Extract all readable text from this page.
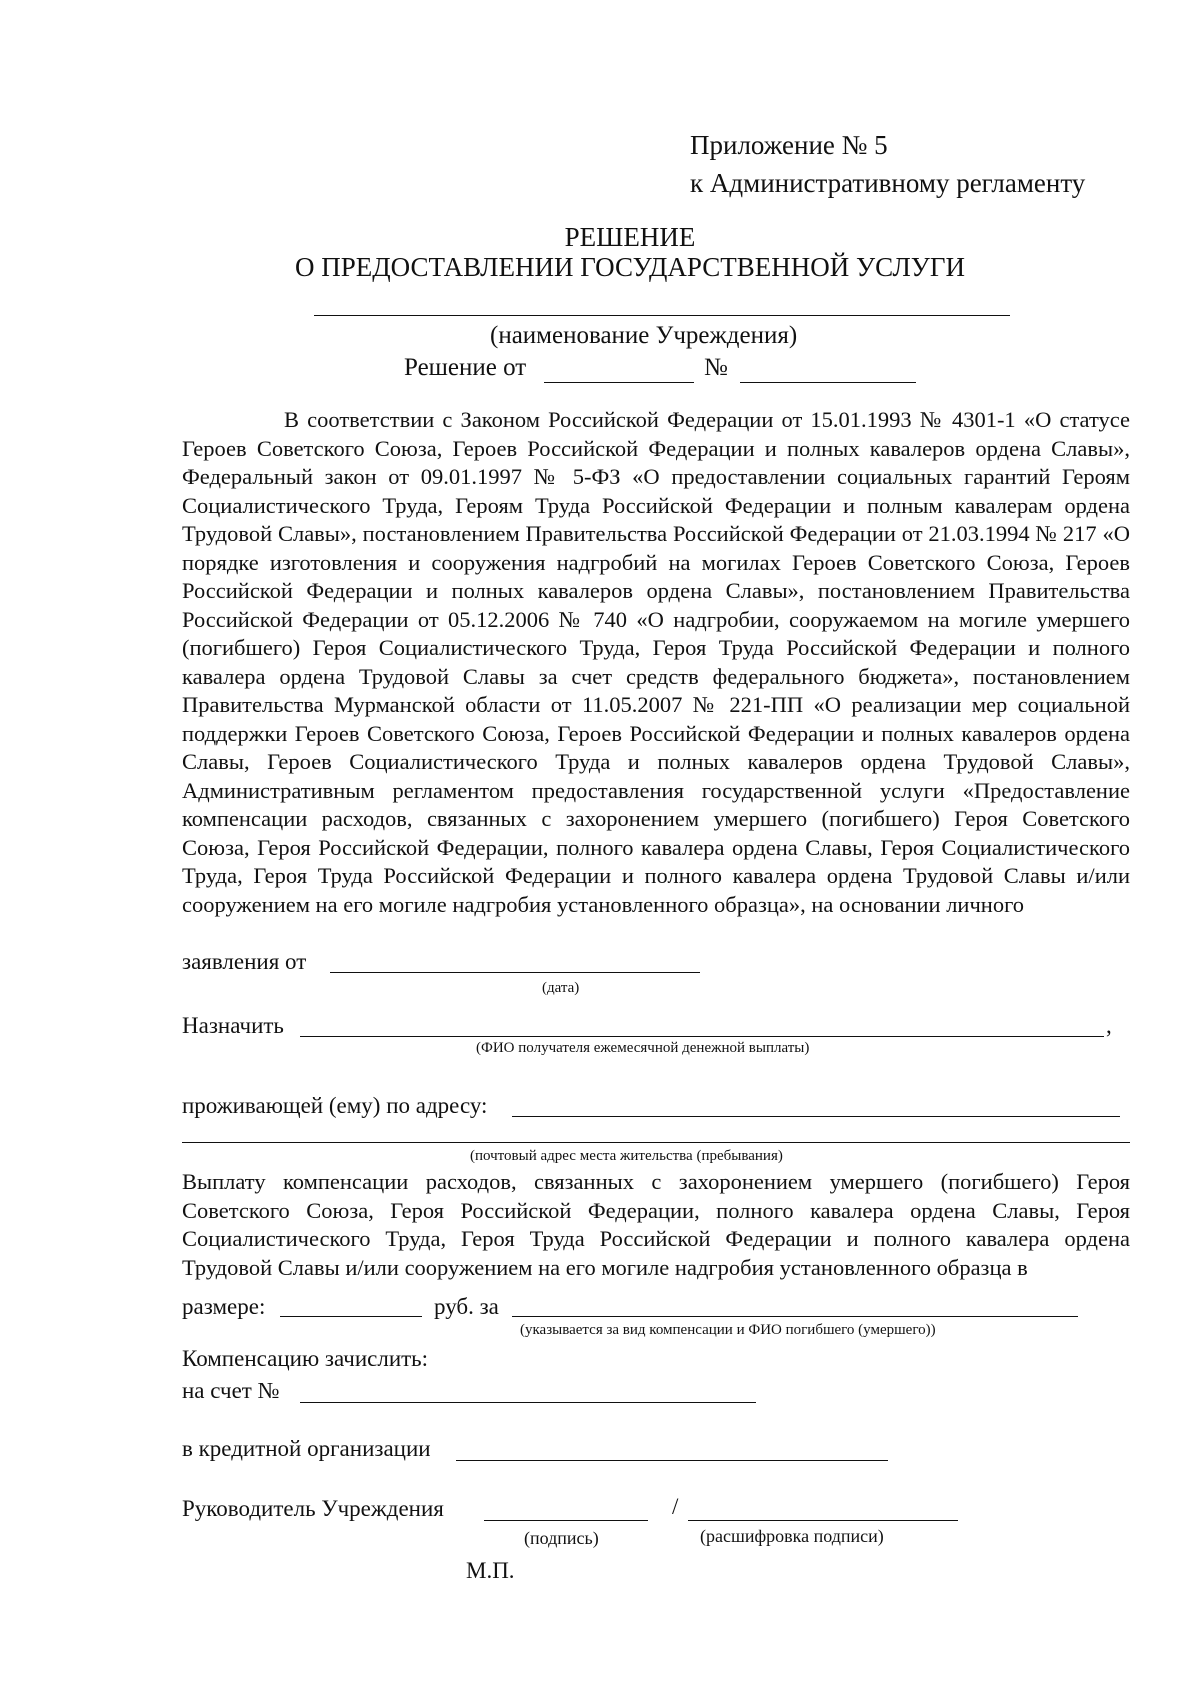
Приложение № 5
к Административному регламенту
РЕШЕНИЕ
О ПРЕДОСТАВЛЕНИИ ГОСУДАРСТВЕННОЙ УСЛУГИ
(наименование Учреждения)
Решение от	№
В соответствии с Законом Российской Федерации от 15.01.1993 № 4301-1 «О статусе Героев Советского Союза, Героев Российской Федерации и полных кавалеров ордена Славы», Федеральный закон от 09.01.1997 № 5-ФЗ «О предоставлении социальных гарантий Героям Социалистического Труда, Героям Труда Российской Федерации и полным кавалерам ордена Трудовой Славы», постановлением Правительства Российской Федерации от 21.03.1994 № 217 «О порядке изготовления и сооружения надгробий на могилах Героев Советского Союза, Героев Российской Федерации и полных кавалеров ордена Славы», постановлением Правительства Российской Федерации от 05.12.2006 № 740 «О надгробии, сооружаемом на могиле умершего (погибшего) Героя Социалистического Труда, Героя Труда Российской Федерации и полного кавалера ордена Трудовой Славы за счет средств федерального бюджета», постановлением Правительства Мурманской области от 11.05.2007 № 221-ПП «О реализации мер социальной поддержки Героев Советского Союза, Героев Российской Федерации и полных кавалеров ордена Славы, Героев Социалистического Труда и полных кавалеров ордена Трудовой Славы», Административным регламентом предоставления государственной услуги «Предоставление компенсации расходов, связанных с захоронением умершего (погибшего) Героя Советского Союза, Героя Российской Федерации, полного кавалера ордена Славы, Героя Социалистического Труда, Героя Труда Российской Федерации и полного кавалера ордена Трудовой Славы и/или сооружением на его могиле надгробия установленного образца», на основании личного
заявления от
(дата)
Назначить	,
(ФИО получателя ежемесячной денежной выплаты)
проживающей (ему) по адресу:
(почтовый адрес места жительства (пребывания)
Выплату компенсации расходов, связанных с захоронением умершего (погибшего) Героя Советского Союза, Героя Российской Федерации, полного кавалера ордена Славы, Героя Социалистического Труда, Героя Труда Российской Федерации и полного кавалера ордена Трудовой Славы и/или сооружением на его могиле надгробия установленного образца в
размере:	руб. за
(указывается за вид компенсации и ФИО погибшего (умершего))
Компенсацию зачислить:
на счет №
в кредитной организации
Руководитель Учреждения	/
(подпись)	(расшифровка подписи)
М.П.
